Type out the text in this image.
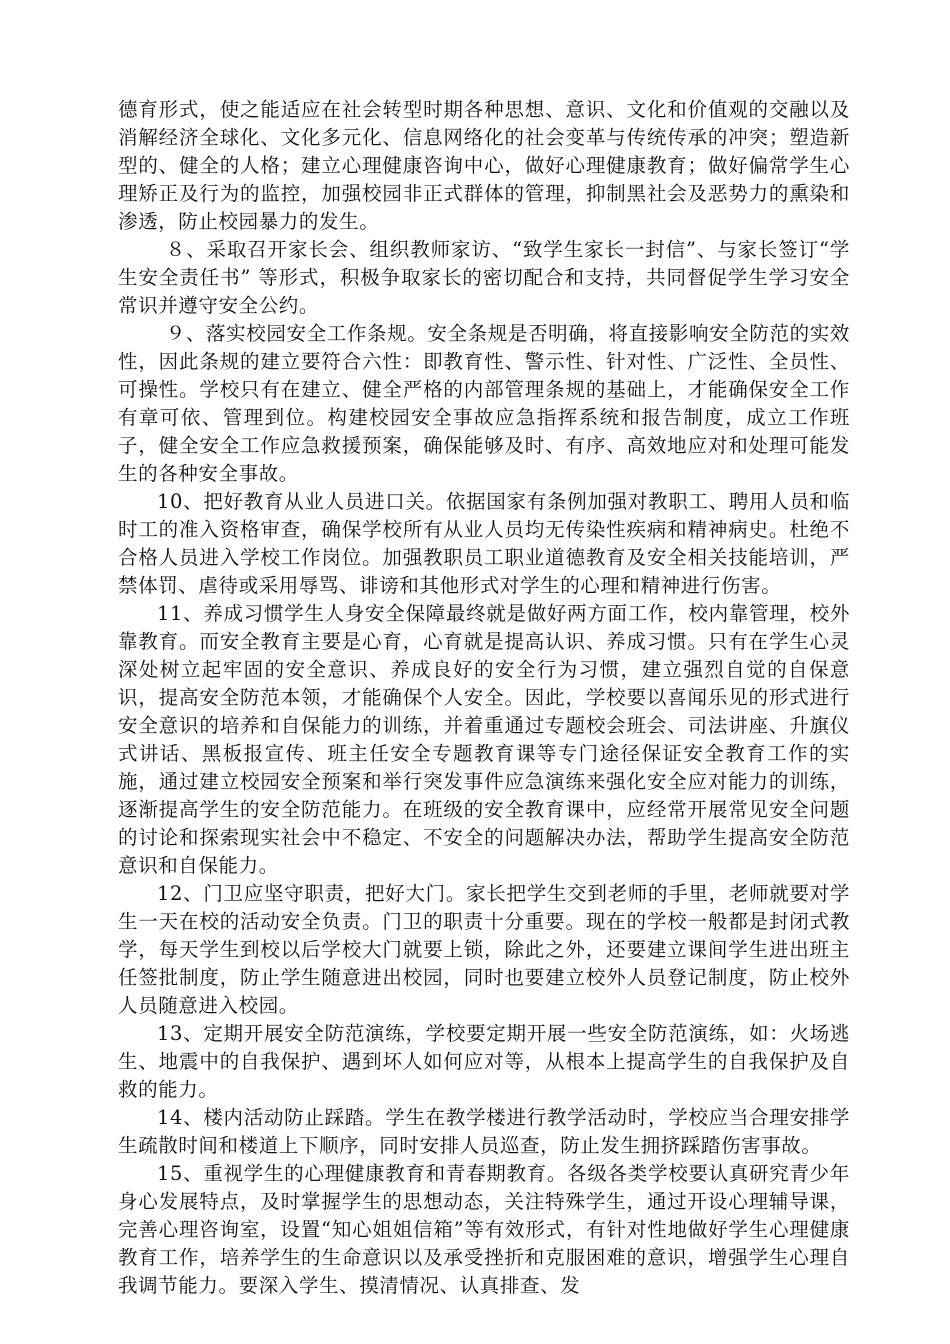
德育形式，使之能适应在社会转型时期各种思想、意识、文化和价值观的交融以及消解经济全球化、文化多元化、信息网络化的社会变革与传统传承的冲突；塑造新型的、健全的人格；建立心理健康咨询中心，做好心理健康教育；做好偏常学生心理矫正及行为的监控，加强校园非正式群体的管理，抑制黑社会及恶势力的熏染和渗透，防止校园暴力的发生。

８、采取召开家长会、组织教师家访、“致学生家长一封信”、与家长签订“学生安全责任书” 等形式，积极争取家长的密切配合和支持，共同督促学生学习安全常识并遵守安全公约。

９、落实校园安全工作条规。安全条规是否明确，将直接影响安全防范的实效性，因此条规的建立要符合六性：即教育性、警示性、针对性、广泛性、全员性、可操性。学校只有在建立、健全严格的内部管理条规的基础上，才能确保安全工作有章可依、管理到位。构建校园安全事故应急指挥系统和报告制度，成立工作班子，健全安全工作应急救援预案，确保能够及时、有序、高效地应对和处理可能发生的各种安全事故。

10、把好教育从业人员进口关。依据国家有条例加强对教职工、聘用人员和临时工的准入资格审查，确保学校所有从业人员均无传染性疾病和精神病史。杜绝不合格人员进入学校工作岗位。加强教职员工职业道德教育及安全相关技能培训，严禁体罚、虐待或采用辱骂、诽谤和其他形式对学生的心理和精神进行伤害。

11、养成习惯学生人身安全保障最终就是做好两方面工作，校内靠管理，校外靠教育。而安全教育主要是心育，心育就是提高认识、养成习惯。只有在学生心灵深处树立起牢固的安全意识、养成良好的安全行为习惯，建立强烈自觉的自保意识，提高安全防范本领，才能确保个人安全。因此，学校要以喜闻乐见的形式进行安全意识的培养和自保能力的训练，并着重通过专题校会班会、司法讲座、升旗仪式讲话、黑板报宣传、班主任安全专题教育课等专门途径保证安全教育工作的实施，通过建立校园安全预案和举行突发事件应急演练来强化安全应对能力的训练，逐渐提高学生的安全防范能力。在班级的安全教育课中，应经常开展常见安全问题的讨论和探索现实社会中不稳定、不安全的问题解决办法，帮助学生提高安全防范意识和自保能力。

12、门卫应坚守职责，把好大门。家长把学生交到老师的手里，老师就要对学生一天在校的活动安全负责。门卫的职责十分重要。现在的学校一般都是封闭式教学，每天学生到校以后学校大门就要上锁，除此之外，还要建立课间学生进出班主任签批制度，防止学生随意进出校园，同时也要建立校外人员登记制度，防止校外人员随意进入校园。

13、定期开展安全防范演练，学校要定期开展一些安全防范演练，如：火场逃生、地震中的自我保护、遇到坏人如何应对等，从根本上提高学生的自我保护及自救的能力。

14、楼内活动防止踩踏。学生在教学楼进行教学活动时，学校应当合理安排学生疏散时间和楼道上下顺序，同时安排人员巡查，防止发生拥挤踩踏伤害事故。

15、重视学生的心理健康教育和青春期教育。各级各类学校要认真研究青少年身心发展特点，及时掌握学生的思想动态，关注特殊学生，通过开设心理辅导课，完善心理咨询室，设置“知心姐姐信箱”等有效形式，有针对性地做好学生心理健康教育工作，培养学生的生命意识以及承受挫折和克服困难的意识，增强学生心理自我调节能力。要深入学生、摸清情况、认真排查、发
